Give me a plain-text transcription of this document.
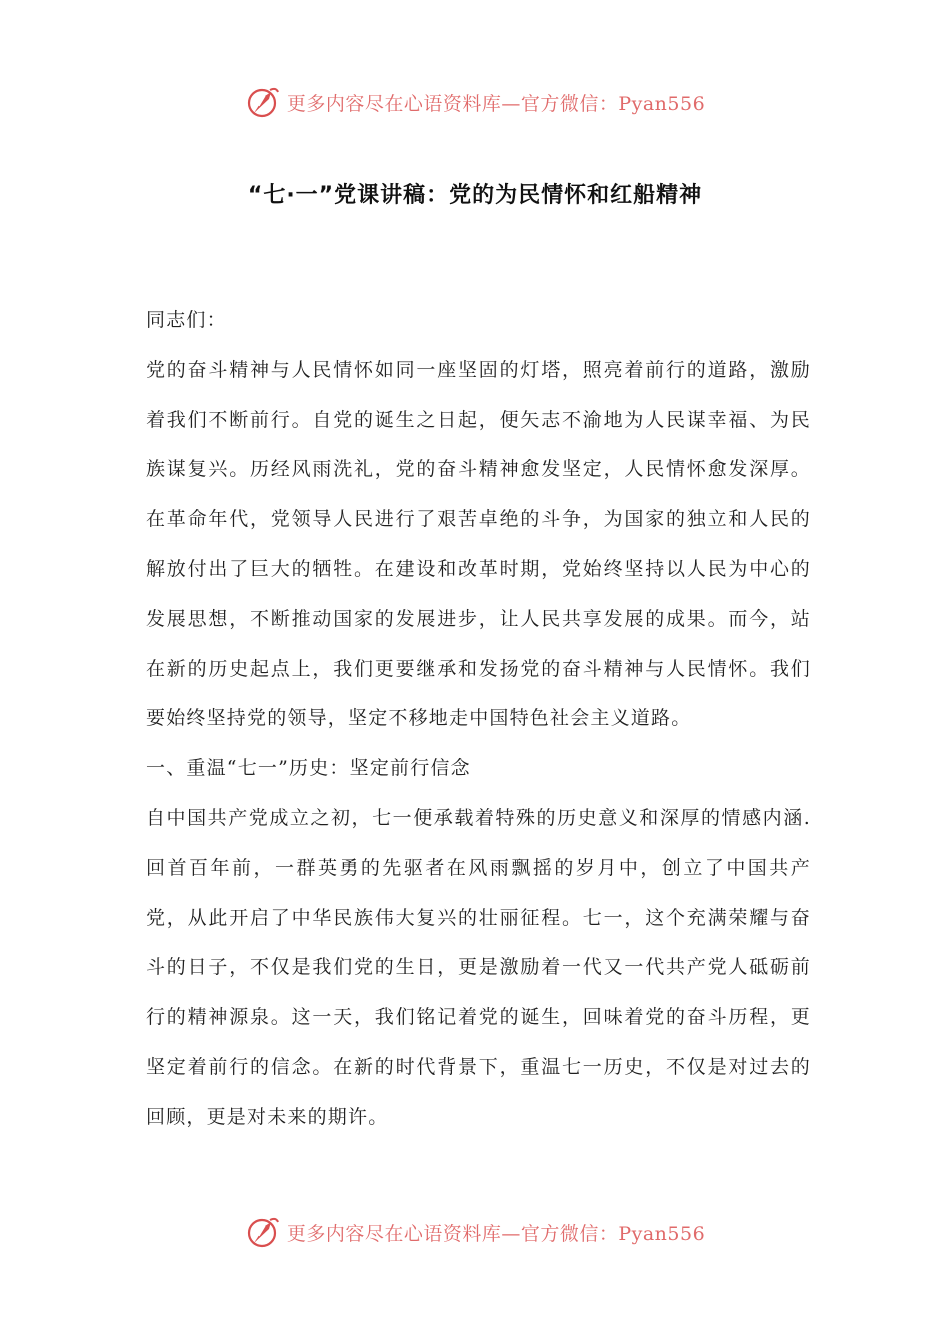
更多内容尽在心语资料库—官方微信：Pyan556
“七·一”党课讲稿：党的为民情怀和红船精神

同志们：

党的奋斗精神与人民情怀如同一座坚固的灯塔，照亮着前行的道路，激励着我们不断前行。自党的诞生之日起，便矢志不渝地为人民谋幸福、为民族谋复兴。历经风雨洗礼，党的奋斗精神愈发坚定，人民情怀愈发深厚。在革命年代，党领导人民进行了艰苦卓绝的斗争，为国家的独立和人民的解放付出了巨大的牺牲。在建设和改革时期，党始终坚持以人民为中心的发展思想，不断推动国家的发展进步，让人民共享发展的成果。而今，站在新的历史起点上，我们更要继承和发扬党的奋斗精神与人民情怀。我们要始终坚持党的领导，坚定不移地走中国特色社会主义道路。

一、重温“七一”历史：坚定前行信念

自中国共产党成立之初，七一便承载着特殊的历史意义和深厚的情感内涵.回首百年前，一群英勇的先驱者在风雨飘摇的岁月中，创立了中国共产党，从此开启了中华民族伟大复兴的壮丽征程。七一，这个充满荣耀与奋斗的日子，不仅是我们党的生日，更是激励着一代又一代共产党人砥砺前行的精神源泉。这一天，我们铭记着党的诞生，回味着党的奋斗历程，更坚定着前行的信念。在新的时代背景下，重温七一历史，不仅是对过去的回顾，更是对未来的期许。

更多内容尽在心语资料库—官方微信：Pyan556
